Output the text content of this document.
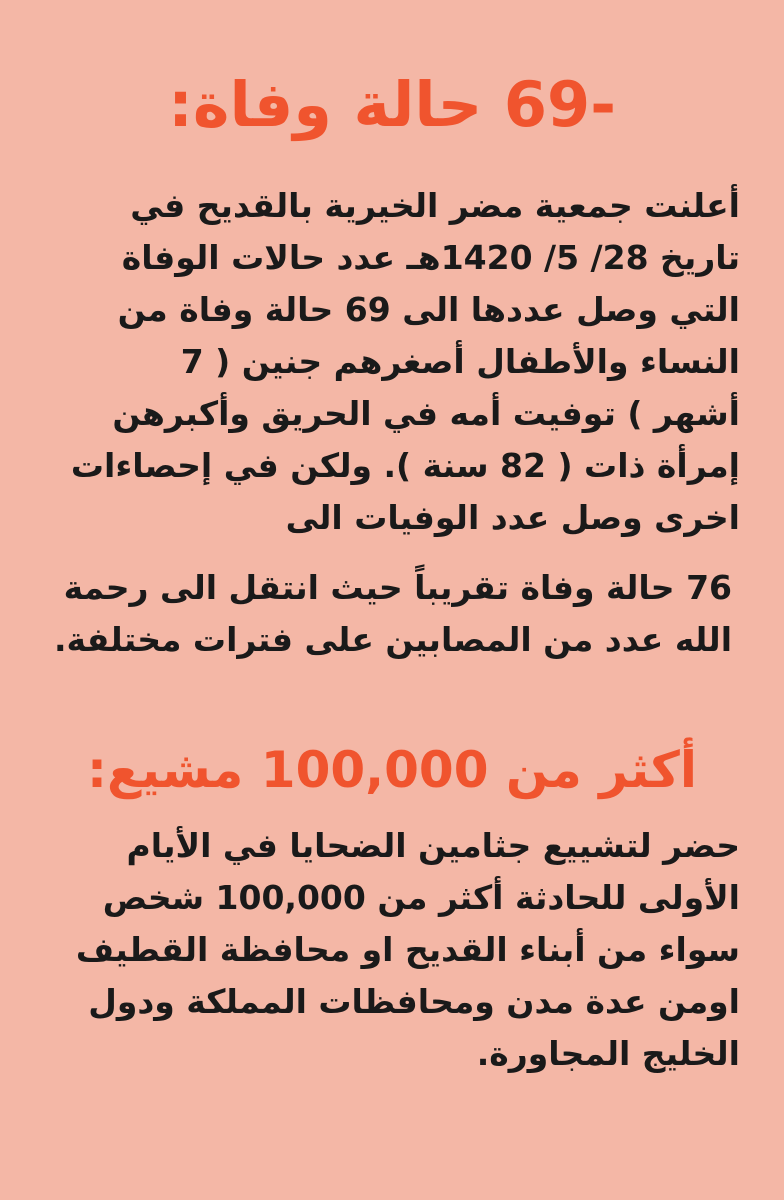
-69 حالة وفاة:
أعلنت جمعية مضر الخيرية بالقديح في
تاريخ 28/ 5/ 1420هـ عدد حالات الوفاة
التي وصل عددها الى 69 حالة وفاة من
النساء والأطفال أصغرهم جنين ( 7
أشهر ) توفيت أمه في الحريق وأكبرهن
إمرأة ذات ( 82 سنة ). ولكن في إحصاءات
اخرى وصل عدد الوفيات الى
76 حالة وفاة تقريباً حيث انتقل الى رحمة
الله عدد من المصابين على فترات مختلفة.
أكثر من 100,000 مشيع:
حضر لتشييع جثامين الضحايا في الأيام
الأولى للحادثة أكثر من 100,000 شخص
سواء من أبناء القديح او محافظة القطيف
اومن عدة مدن ومحافظات المملكة ودول
الخليج المجاورة.
